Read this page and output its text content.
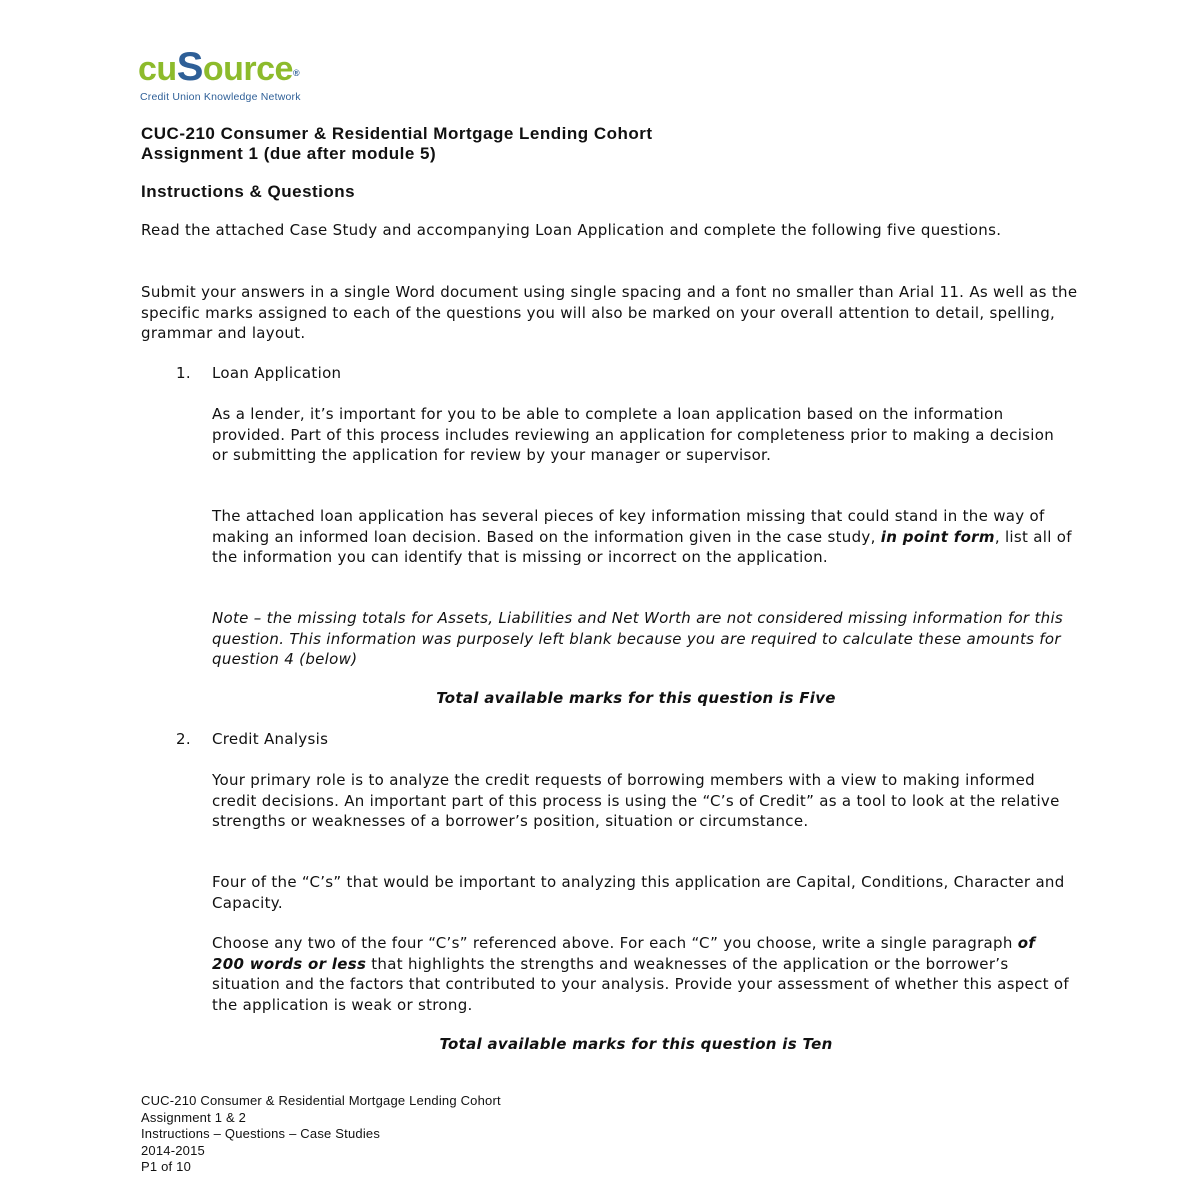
cuSource®
Credit Union Knowledge Network
CUC-210 Consumer & Residential Mortgage Lending Cohort
Assignment 1 (due after module 5)
Instructions & Questions
Read the attached Case Study and accompanying Loan Application and complete the following five questions.
Submit your answers in a single Word document using single spacing and a font no smaller than Arial 11. As well as the specific marks assigned to each of the questions you will also be marked on your overall attention to detail, spelling, grammar and layout.
1. Loan Application
As a lender, it’s important for you to be able to complete a loan application based on the information provided. Part of this process includes reviewing an application for completeness prior to making a decision or submitting the application for review by your manager or supervisor.
The attached loan application has several pieces of key information missing that could stand in the way of making an informed loan decision. Based on the information given in the case study, in point form, list all of the information you can identify that is missing or incorrect on the application.
Note – the missing totals for Assets, Liabilities and Net Worth are not considered missing information for this question. This information was purposely left blank because you are required to calculate these amounts for question 4 (below)
Total available marks for this question is Five
2. Credit Analysis
Your primary role is to analyze the credit requests of borrowing members with a view to making informed credit decisions. An important part of this process is using the “C’s of Credit” as a tool to look at the relative strengths or weaknesses of a borrower’s position, situation or circumstance.
Four of the “C’s” that would be important to analyzing this application are Capital, Conditions, Character and Capacity.
Choose any two of the four “C’s” referenced above. For each “C” you choose, write a single paragraph of 200 words or less that highlights the strengths and weaknesses of the application or the borrower’s situation and the factors that contributed to your analysis. Provide your assessment of whether this aspect of the application is weak or strong.
Total available marks for this question is Ten
CUC-210 Consumer & Residential Mortgage Lending Cohort
Assignment 1 & 2
Instructions – Questions – Case Studies
2014-2015
P1 of 10
